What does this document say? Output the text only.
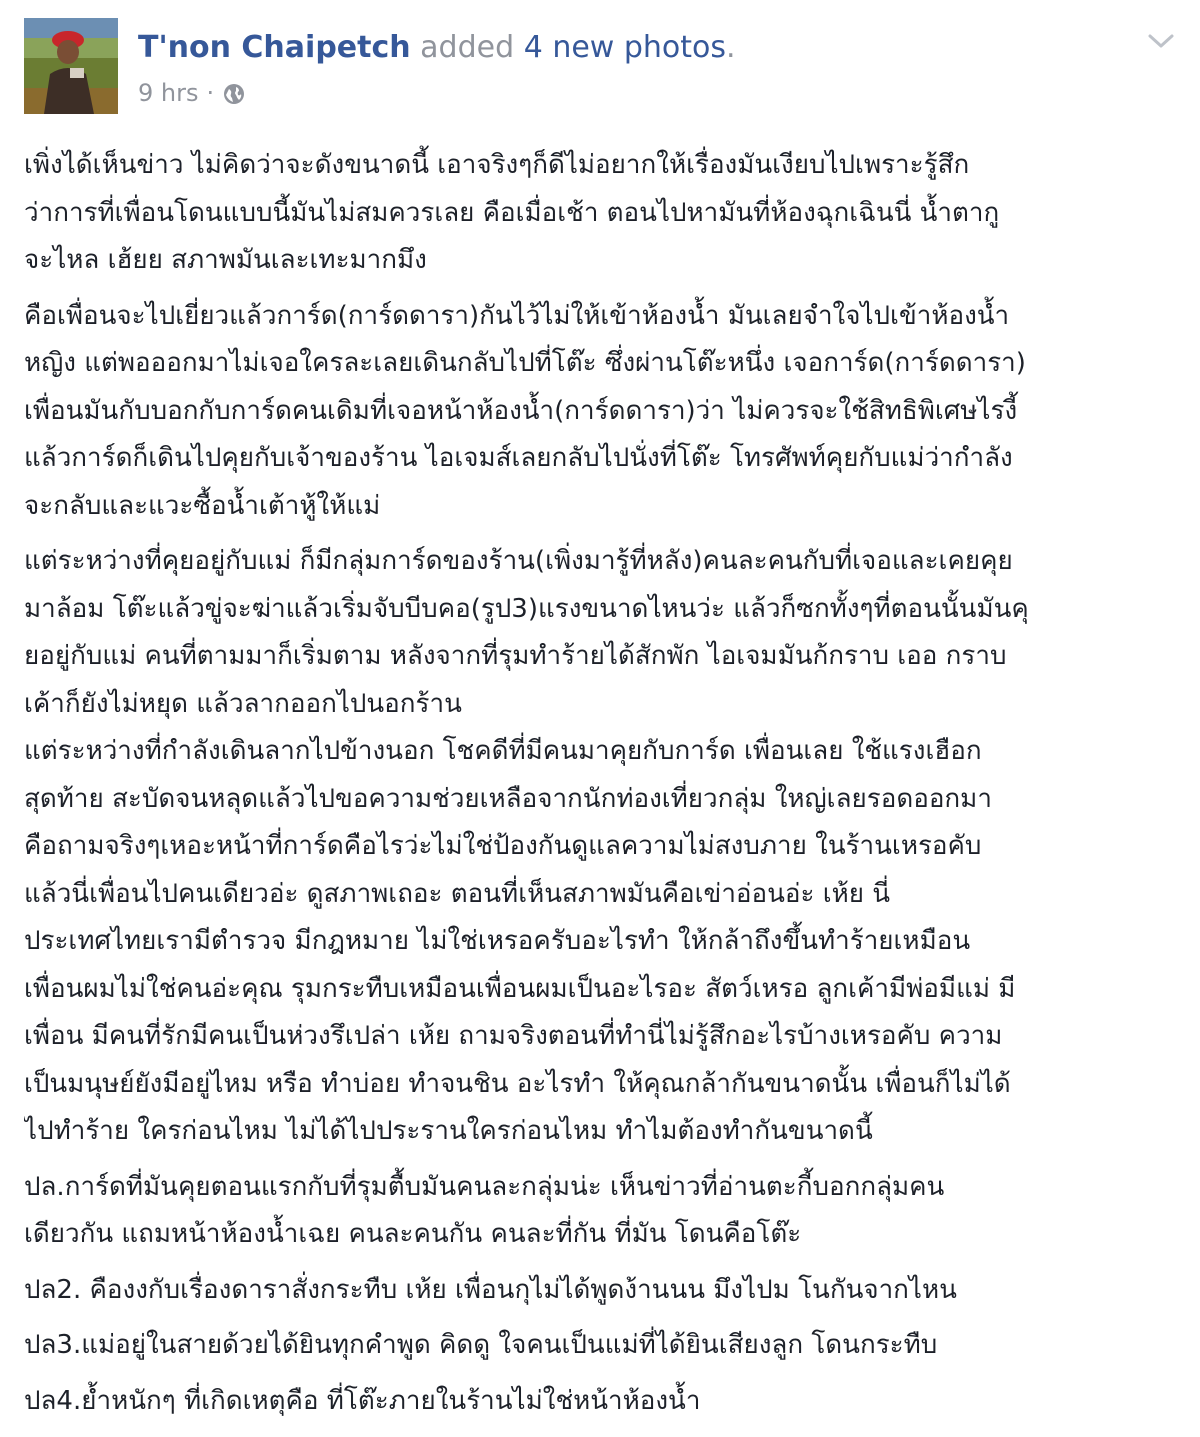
T'non Chaipetch added 4 new photos.
9 hrs ·
เพิ่งได้เห็นข่าว ไม่คิดว่าจะดังขนาดนี้ เอาจริงๆก็ดีไม่อยากให้เรื่องมันเงียบไปเพราะรู้สึก
ว่าการที่เพื่อนโดนแบบนี้มันไม่สมควรเลย คือเมื่อเช้า ตอนไปหามันที่ห้องฉุกเฉินนี่ น้ำตากู
จะไหล เฮ้ยย สภาพมันเละเทะมากมึง
คือเพื่อนจะไปเยี่ยวแล้วการ์ด(การ์ดดารา)กันไว้ไม่ให้เข้าห้องน้ำ มันเลยจำใจไปเข้าห้องน้ำ
หญิง แต่พอออกมาไม่เจอใครละเลยเดินกลับไปที่โต๊ะ ซึ่งผ่านโต๊ะหนึ่ง เจอการ์ด(การ์ดดารา)
เพื่อนมันกับบอกกับการ์ดคนเดิมที่เจอหน้าห้องน้ำ(การ์ดดารา)ว่า ไม่ควรจะใช้สิทธิพิเศษไรงี้
แล้วการ์ดก็เดินไปคุยกับเจ้าของร้าน ไอเจมส์เลยกลับไปนั่งที่โต๊ะ โทรศัพท์คุยกับแม่ว่ากำลัง
จะกลับและแวะซื้อน้ำเต้าหู้ให้แม่
แต่ระหว่างที่คุยอยู่กับแม่ ก็มีกลุ่มการ์ดของร้าน(เพิ่งมารู้ที่หลัง)คนละคนกับที่เจอและเคยคุย
มาล้อม โต๊ะแล้วขู่จะฆ่าแล้วเริ่มจับบีบคอ(รูป3)แรงขนาดไหนว่ะ แล้วก็ซกทั้งๆที่ตอนนั้นมันคุ
ยอยู่กับแม่ คนที่ตามมาก็เริ่มตาม หลังจากที่รุมทำร้ายได้สักพัก ไอเจมมันก้กราบ เออ กราบ
เค้าก็ยังไม่หยุด แล้วลากออกไปนอกร้าน
แต่ระหว่างที่กำลังเดินลากไปข้างนอก โชคดีที่มีคนมาคุยกับการ์ด เพื่อนเลย ใช้แรงเฮือก
สุดท้าย สะบัดจนหลุดแล้วไปขอความช่วยเหลือจากนักท่องเที่ยวกลุ่ม ใหญ่เลยรอดออกมา
คือถามจริงๆเหอะหน้าที่การ์ดคือไรว่ะไม่ใช่ป้องกันดูแลความไม่สงบภาย ในร้านเหรอคับ
แล้วนี่เพื่อนไปคนเดียวอ่ะ ดูสภาพเถอะ ตอนที่เห็นสภาพมันคือเข่าอ่อนอ่ะ เห้ย นี่
ประเทศไทยเรามีตำรวจ มีกฎหมาย ไม่ใช่เหรอครับอะไรทำ ให้กล้าถึงขึ้นทำร้ายเหมือน
เพื่อนผมไม่ใช่คนอ่ะคุณ รุมกระทืบเหมือนเพื่อนผมเป็นอะไรอะ สัตว์เหรอ ลูกเค้ามีพ่อมีแม่ มี
เพื่อน มีคนที่รักมีคนเป็นห่วงรึเปล่า เห้ย ถามจริงตอนที่ทำนี่ไม่รู้สึกอะไรบ้างเหรอคับ ความ
เป็นมนุษย์ยังมีอยู่ไหม หรือ ทำบ่อย ทำจนชิน อะไรทำ ให้คุณกล้ากันขนาดนั้น เพื่อนก็ไม่ได้
ไปทำร้าย ใครก่อนไหม ไม่ได้ไปประรานใครก่อนไหม ทำไมต้องทำกันขนาดนี้
ปล.การ์ดที่มันคุยตอนแรกกับที่รุมตื้บมันคนละกลุ่มน่ะ เห็นข่าวที่อ่านตะกี้บอกกลุ่มคน
เดียวกัน แถมหน้าห้องน้ำเฉย คนละคนกัน คนละที่กัน ที่มัน โดนคือโต๊ะ
ปล2. คืองงกับเรื่องดาราสั่งกระทืบ เห้ย เพื่อนกุไม่ได้พูดง้านนน มึงไปม โนกันจากไหน
ปล3.แม่อยู่ในสายด้วยได้ยินทุกคำพูด คิดดู ใจคนเป็นแม่ที่ได้ยินเสียงลูก โดนกระทืบ
ปล4.ย้ำหนักๆ ที่เกิดเหตุคือ ที่โต๊ะภายในร้านไม่ใช่หน้าห้องน้ำ
